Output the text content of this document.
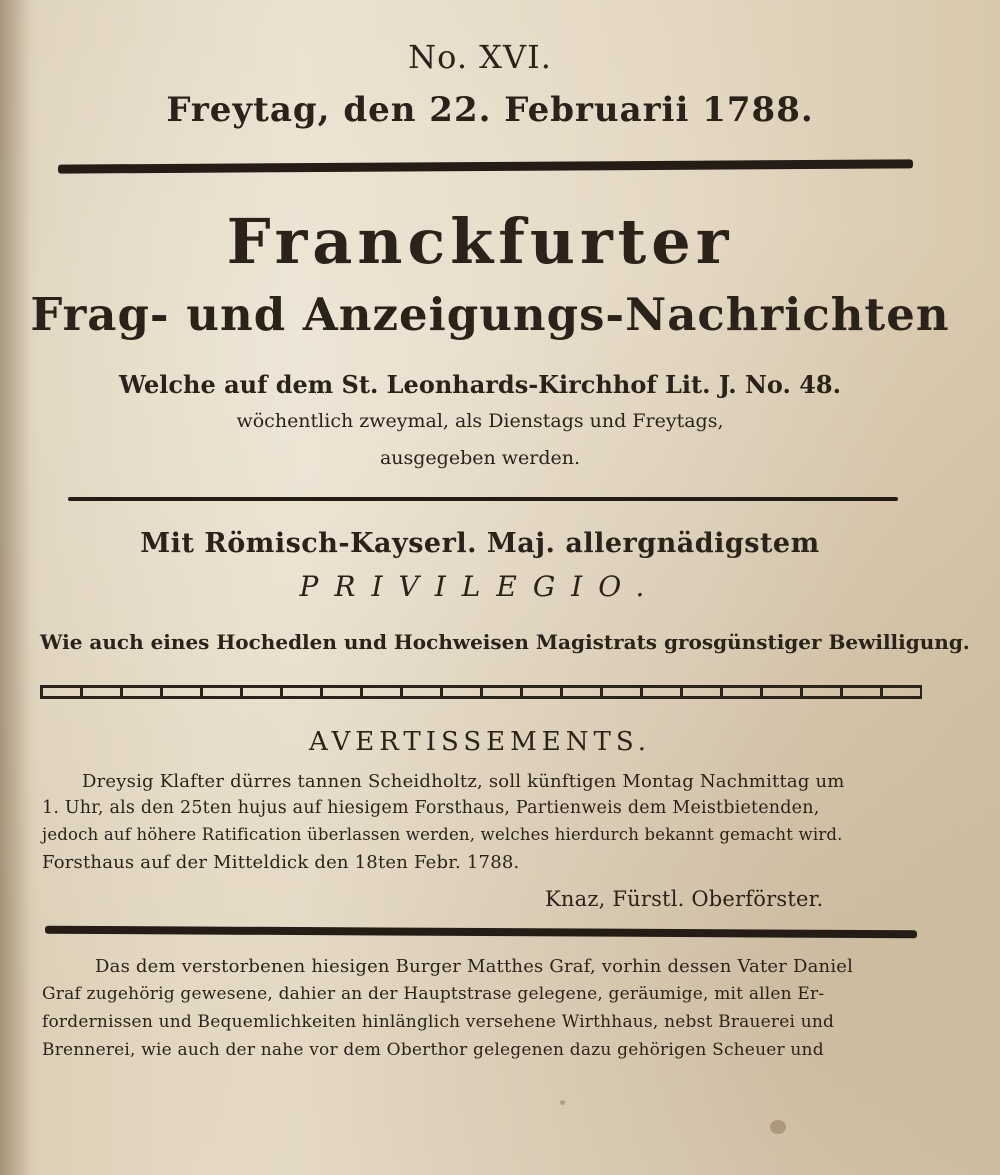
No. XVI.
Freytag, den 22. Februarii 1788.
Franckfurter
Frag- und Anzeigungs-Nachrichten
Welche auf dem St. Leonhards-Kirchhof Lit. J. No. 48.
wöchentlich zweymal, als Dienstags und Freytags,
ausgegeben werden.
Mit Römisch-Kayserl. Maj. allergnädigstem
PRIVILEGIO.
Wie auch eines Hochedlen und Hochweisen Magistrats grosgünstiger Bewilligung.
AVERTISSEMENTS.
Dreysig Klafter dürres tannen Scheidholtz, soll künftigen Montag Nachmittag um
1. Uhr, als den 25ten hujus auf hiesigem Forsthaus, Partienweis dem Meistbietenden,
jedoch auf höhere Ratification überlassen werden, welches hierdurch bekannt gemacht wird.
Forsthaus auf der Mitteldick den 18ten Febr. 1788.
Knaz, Fürstl. Oberförster.
Das dem verstorbenen hiesigen Burger Matthes Graf, vorhin dessen Vater Daniel
Graf zugehörig gewesene, dahier an der Hauptstrase gelegene, geräumige, mit allen Er-
fordernissen und Bequemlichkeiten hinlänglich versehene Wirthhaus, nebst Brauerei und
Brennerei, wie auch der nahe vor dem Oberthor gelegenen dazu gehörigen Scheuer und
